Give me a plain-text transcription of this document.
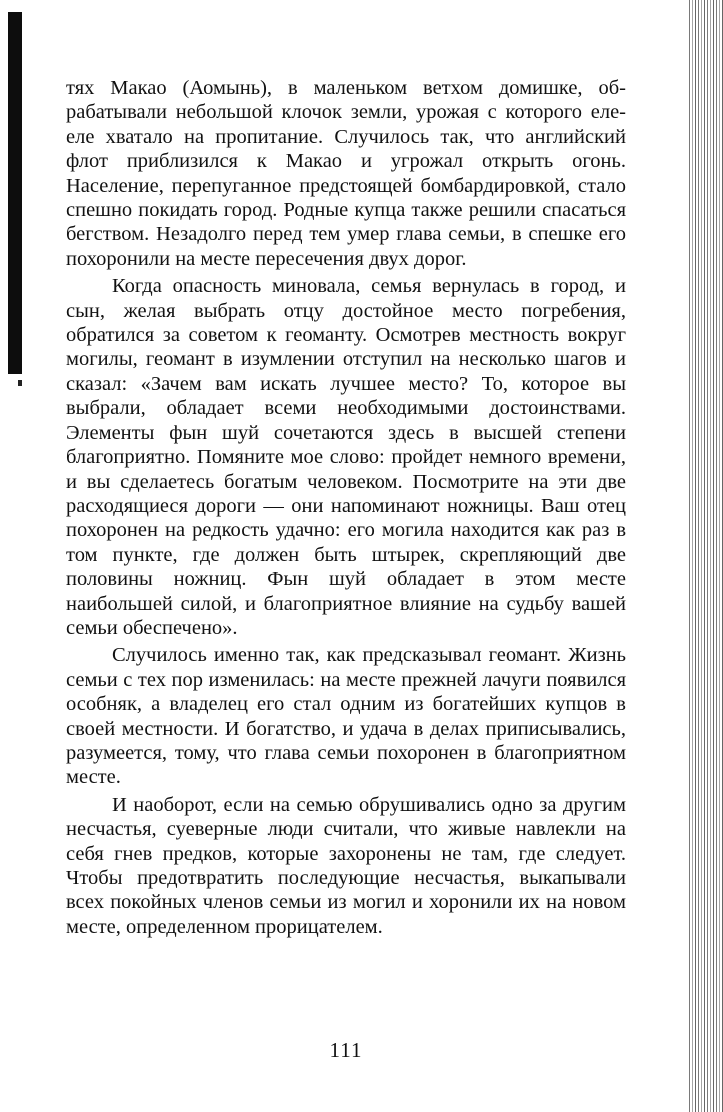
тях Макао (Аомынь), в маленьком ветхом домишке, обрабатывали небольшой клочок земли, урожая с которого еле-еле хватало на пропитание. Случилось так, что английский флот приблизился к Макао и угрожал открыть огонь. Население, перепуганное предстоящей бомбардировкой, стало спешно покидать город. Родные купца также решили спасаться бегством. Незадолго перед тем умер глава семьи, в спешке его похоронили на месте пересечения двух дорог.

Когда опасность миновала, семья вернулась в город, и сын, желая выбрать отцу достойное место погребения, обратился за советом к геоманту. Осмотрев местность вокруг могилы, геомант в изумлении отступил на несколько шагов и сказал: «Зачем вам искать лучшее место? То, которое вы выбрали, обладает всеми необходимыми достоинствами. Элементы фын шуй сочетаются здесь в высшей степени благоприятно. Помяните мое слово: пройдет немного времени, и вы сделаетесь богатым человеком. Посмотрите на эти две расходящиеся дороги — они напоминают ножницы. Ваш отец похоронен на редкость удачно: его могила находится как раз в том пункте, где должен быть штырек, скрепляющий две половины ножниц. Фын шуй обладает в этом месте наибольшей силой, и благоприятное влияние на судьбу вашей семьи обеспечено».

Случилось именно так, как предсказывал геомант. Жизнь семьи с тех пор изменилась: на месте прежней лачуги появился особняк, а владелец его стал одним из богатейших купцов в своей местности. И богатство, и удача в делах приписывались, разумеется, тому, что глава семьи похоронен в благоприятном месте.

И наоборот, если на семью обрушивались одно за другим несчастья, суеверные люди считали, что живые навлекли на себя гнев предков, которые захоронены не там, где следует. Чтобы предотвратить последующие несчастья, выкапывали всех покойных членов семьи из могил и хоронили их на новом месте, определенном прорицателем.

111
